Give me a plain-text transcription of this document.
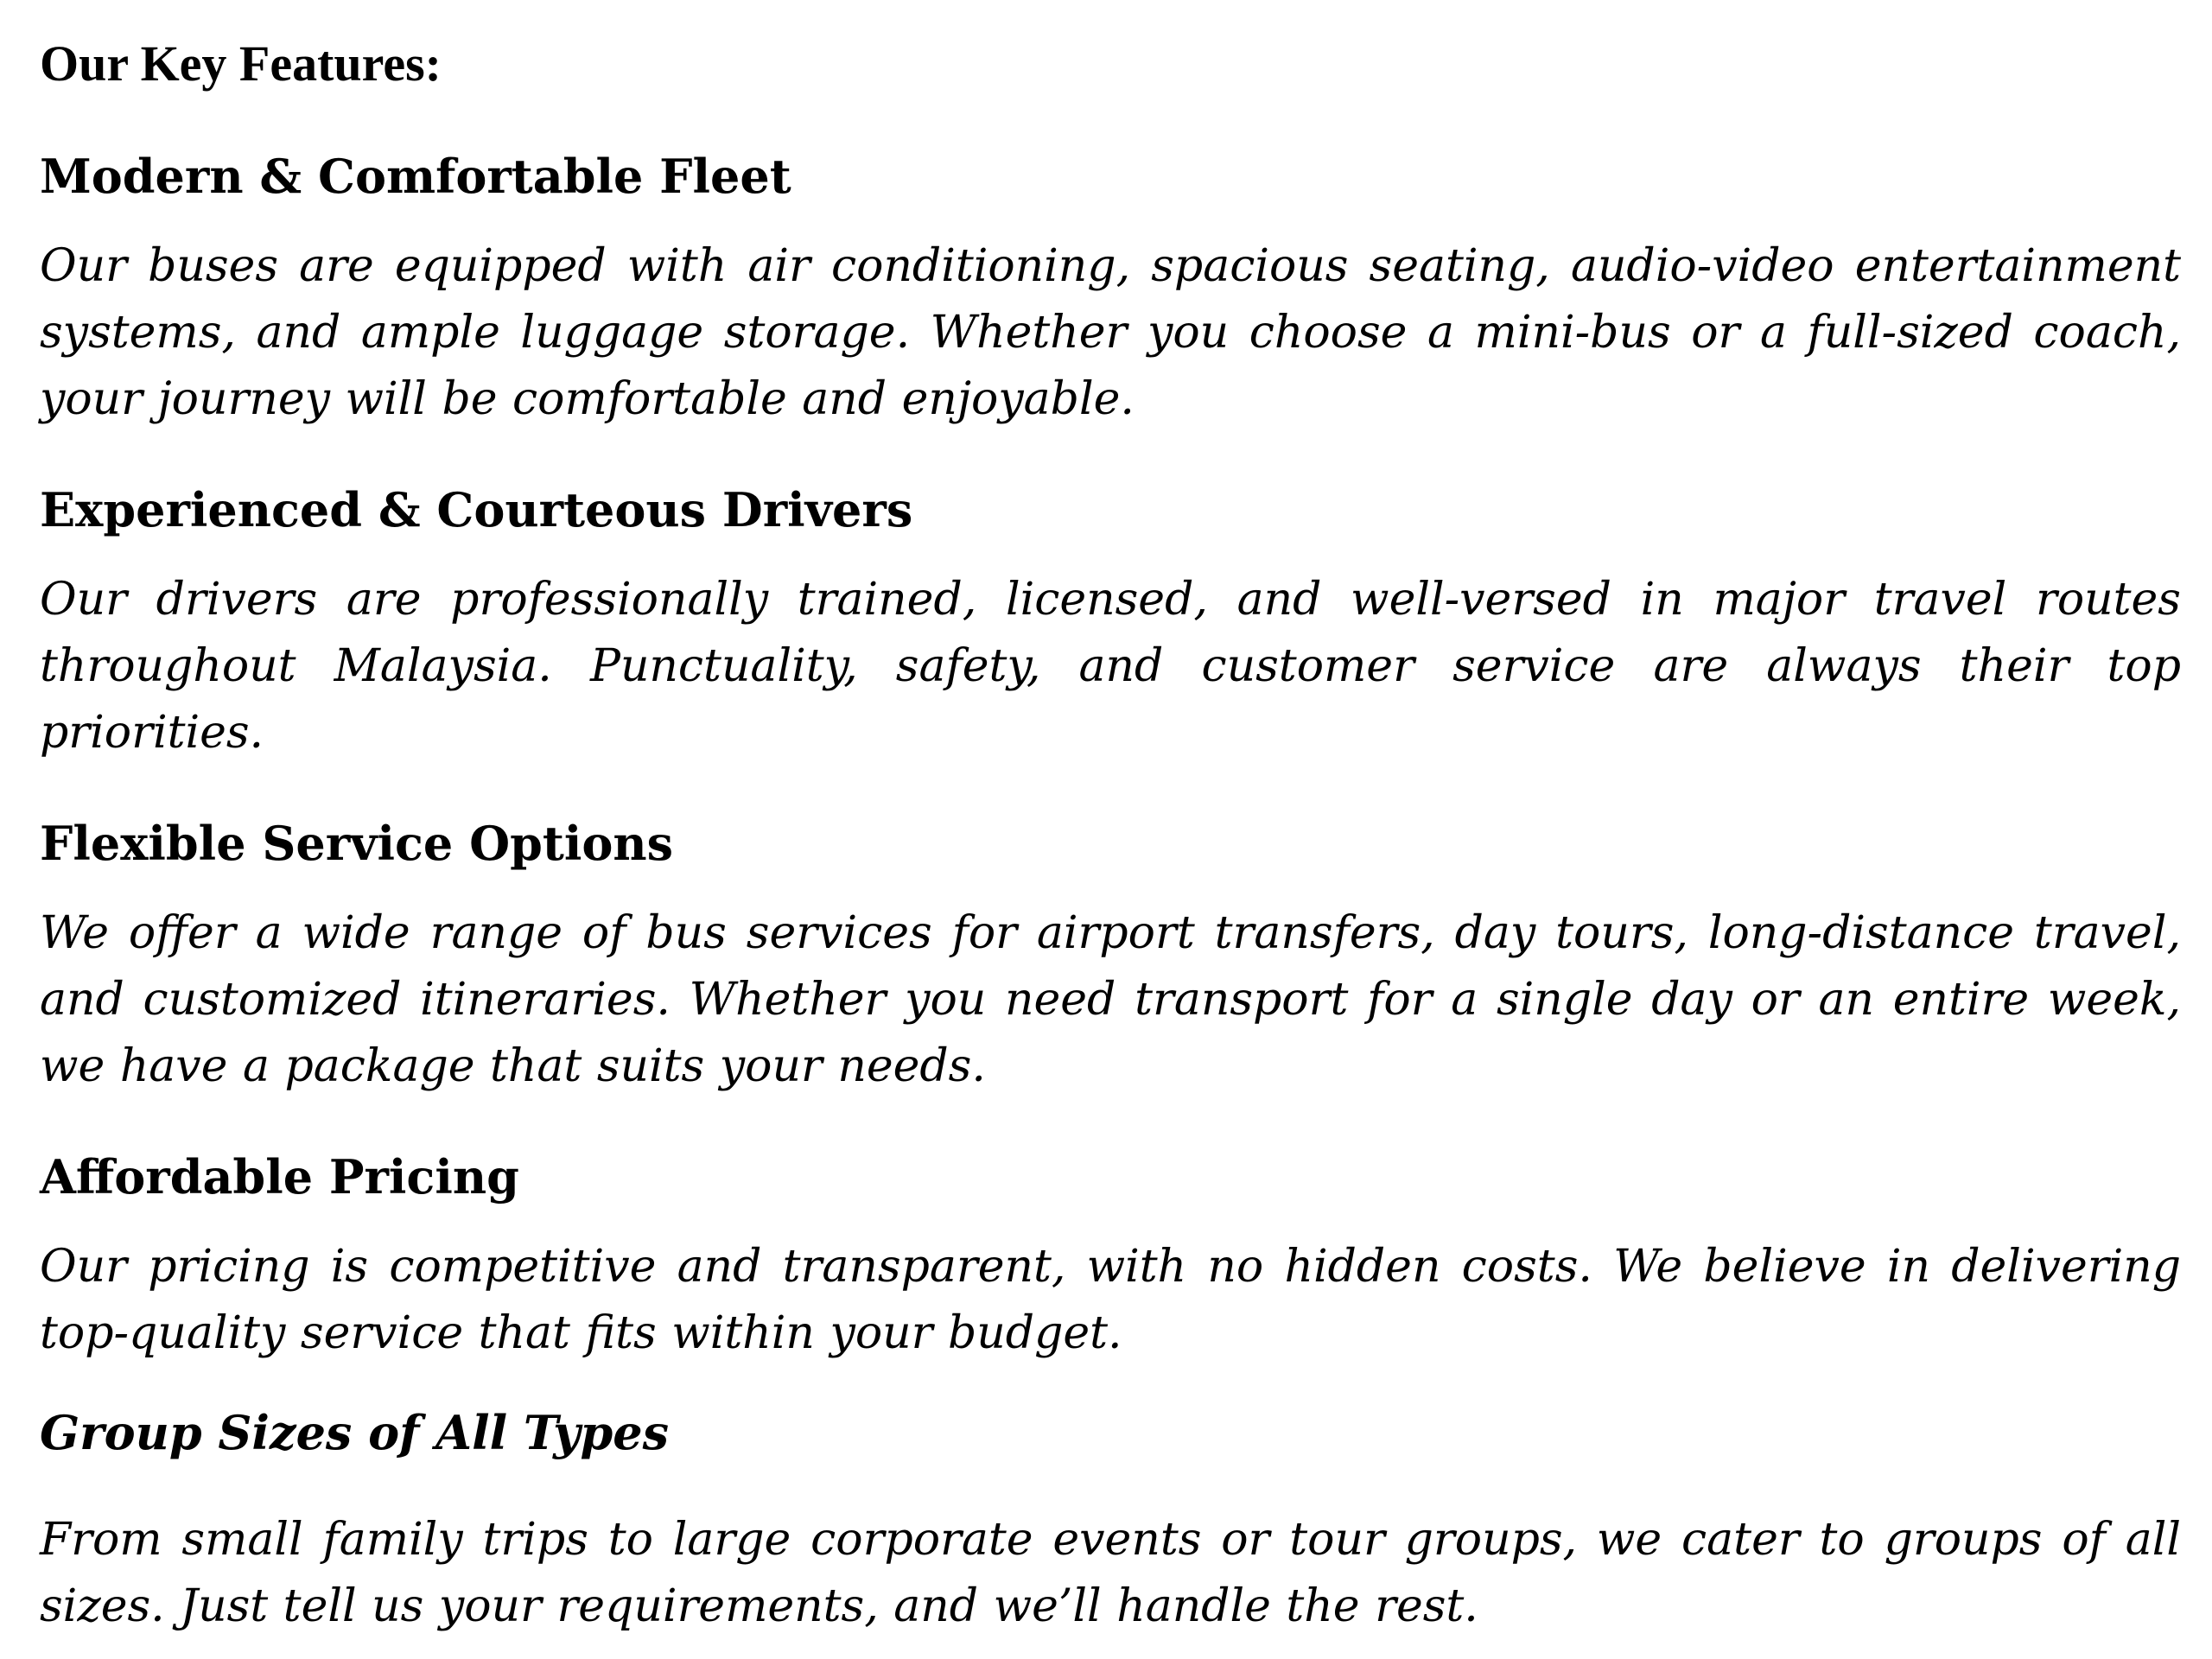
Our Key Features:
Modern & Comfortable Fleet

Our buses are equipped with air conditioning, spacious seating, audio-video entertainment systems, and ample luggage storage. Whether you choose a mini-bus or a full-sized coach, your journey will be comfortable and enjoyable.

Experienced & Courteous Drivers

Our drivers are professionally trained, licensed, and well-versed in major travel routes throughout Malaysia. Punctuality, safety, and customer service are always their top priorities.

Flexible Service Options

We offer a wide range of bus services for airport transfers, day tours, long-distance travel, and customized itineraries. Whether you need transport for a single day or an entire week, we have a package that suits your needs.

Affordable Pricing

Our pricing is competitive and transparent, with no hidden costs. We believe in delivering top-quality service that fits within your budget.

Group Sizes of All Types

From small family trips to large corporate events or tour groups, we cater to groups of all sizes. Just tell us your requirements, and we’ll handle the rest.
